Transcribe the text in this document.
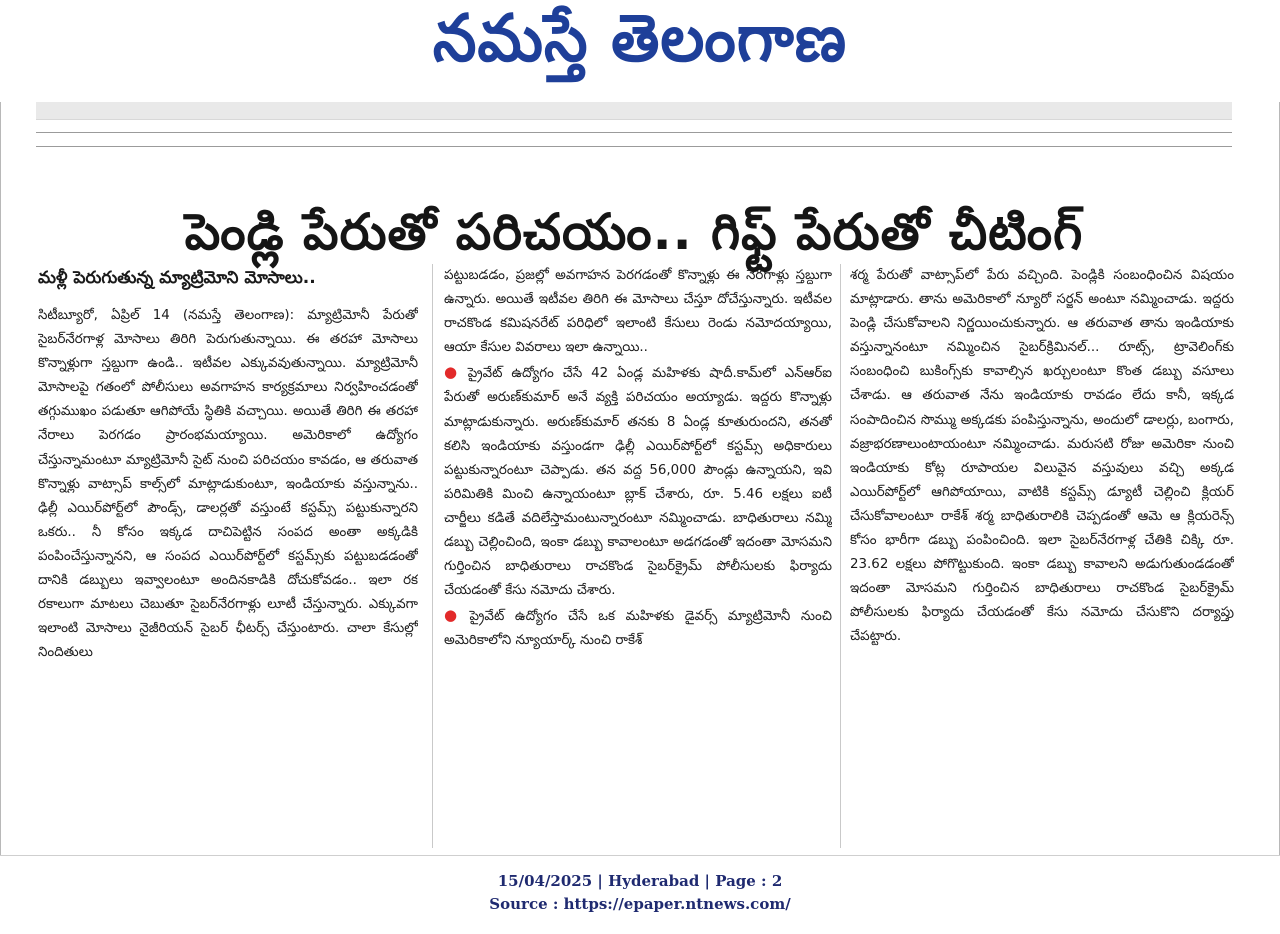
నమస్తే తెలంగాణ
పెండ్లి పేరుతో పరిచయం.. గిఫ్ట్ పేరుతో చీటింగ్

మళ్లీ పెరుగుతున్న మ్యాట్రిమోని మోసాలు..

సిటీబ్యూరో, ఏప్రిల్ 14 (నమస్తే తెలంగాణ): మ్యాట్రిమోనీ పేరుతో సైబర్‌నేరగాళ్ల మోసాలు తిరిగి పెరుగుతున్నాయి. ఈ తరహా మోసాలు కొన్నాళ్లుగా స్తబ్దుగా ఉండి.. ఇటీవల ఎక్కువవుతున్నాయి. మ్యాట్రిమోనీ మోసాలపై గతంలో పోలీసులు అవగాహన కార్యక్రమాలు నిర్వహించడంతో తగ్గుముఖం పడుతూ ఆగిపోయే స్థితికి వచ్చాయి. అయితే తిరిగి ఈ తరహా నేరాలు పెరగడం ప్రారంభమయ్యాయి. అమెరికాలో ఉద్యోగం చేస్తున్నామంటూ మ్యాట్రిమోనీ సైట్ నుంచి పరిచయం కావడం, ఆ తరువాత కొన్నాళ్లు వాట్సాప్ కాల్స్‌లో మాట్లాడుకుంటూ, ఇండియాకు వస్తున్నాను.. ఢిల్లీ ఎయిర్‌పోర్ట్‌లో పౌండ్స్, డాలర్లతో వస్తుంటే కస్టమ్స్ పట్టుకున్నారని ఒకరు.. నీ కోసం ఇక్కడ దాచిపెట్టిన సంపద అంతా అక్కడికి పంపించేస్తున్నానని, ఆ సంపద ఎయిర్‌పోర్ట్‌లో కస్టమ్స్‌కు పట్టుబడడంతో దానికి డబ్బులు ఇవ్వాలంటూ అందినకాడికి దోచుకోవడం.. ఇలా రక రకాలుగా మాటలు చెబుతూ సైబర్‌నేరగాళ్లు లూటీ చేస్తున్నారు. ఎక్కువగా ఇలాంటి మోసాలు నైజీరియన్ సైబర్ ఛీటర్స్ చేస్తుంటారు. చాలా కేసుల్లో నిందితులు

పట్టుబడడం, ప్రజల్లో అవగాహన పెరగడంతో కొన్నాళ్లు ఈ నేరగాళ్లు స్తబ్దుగా ఉన్నారు. అయితే ఇటీవల తిరిగి ఈ మోసాలు చేస్తూ దోచేస్తున్నారు. ఇటీవల రాచకొండ కమిషనరేట్ పరిధిలో ఇలాంటి కేసులు రెండు నమోదయ్యాయి, ఆయా కేసుల వివరాలు ఇలా ఉన్నాయి..

● ప్రైవేట్ ఉద్యోగం చేసే 42 ఏండ్ల మహిళకు షాదీ.కామ్‌లో ఎన్ఆర్ఐ పేరుతో అరుణ్‌కుమార్ అనే వ్యక్తి పరిచయం అయ్యాడు. ఇద్దరు కొన్నాళ్లు మాట్లాడుకున్నారు. అరుణ్‌కుమార్ తనకు 8 ఏండ్ల కూతురుందని, తనతో కలిసి ఇండియాకు వస్తుండగా ఢిల్లీ ఎయిర్‌పోర్ట్‌లో కస్టమ్స్ అధికారులు పట్టుకున్నారంటూ చెప్పాడు. తన వద్ద 56,000 పౌండ్లు ఉన్నాయని, ఇవి పరిమితికి మించి ఉన్నాయంటూ బ్లాక్ చేశారు, రూ. 5.46 లక్షలు ఐటీ చార్జీలు కడితే వదిలేస్తామంటున్నారంటూ నమ్మించాడు. బాధితురాలు నమ్మి డబ్బు చెల్లించింది, ఇంకా డబ్బు కావాలంటూ అడగడంతో ఇదంతా మోసమని గుర్తించిన బాధితురాలు రాచకొండ సైబర్‌క్రైమ్ పోలీసులకు ఫిర్యాదు చేయడంతో కేసు నమోదు చేశారు.

● ప్రైవేట్ ఉద్యోగం చేసే ఒక మహిళకు డైవర్స్ మ్యాట్రిమోనీ నుంచి అమెరికాలోని న్యూయార్క్ నుంచి రాకేశ్

శర్మ పేరుతో వాట్సాప్‌లో పేరు వచ్చింది. పెండ్లికి సంబంధించిన విషయం మాట్లాడారు. తాను అమెరికాలో న్యూరో సర్జన్ అంటూ నమ్మించాడు. ఇద్దరు పెండ్లి చేసుకోవాలని నిర్ణయించుకున్నారు. ఆ తరువాత తాను ఇండియాకు వస్తున్నానంటూ నమ్మించిన సైబర్‌క్రిమినల్... రూట్స్, ట్రావెలింగ్‌కు సంబంధించి బుకింగ్స్‌కు కావాల్సిన ఖర్చులంటూ కొంత డబ్బు వసూలు చేశాడు. ఆ తరువాత నేను ఇండియాకు రావడం లేదు కానీ, ఇక్కడ సంపాదించిన సొమ్ము అక్కడకు పంపిస్తున్నాను, అందులో డాలర్లు, బంగారు, వజ్రాభరణాలుంటాయంటూ నమ్మించాడు. మరుసటి రోజు అమెరికా నుంచి ఇండియాకు కోట్ల రూపాయల విలువైన వస్తువులు వచ్చి అక్కడ ఎయిర్‌పోర్ట్‌లో ఆగిపోయాయి, వాటికి కస్టమ్స్ డ్యూటీ చెల్లించి క్లియర్ చేసుకోవాలంటూ రాకేశ్ శర్మ బాధితురాలికి చెప్పడంతో ఆమె ఆ క్లియరెన్స్ కోసం భారీగా డబ్బు పంపించింది. ఇలా సైబర్‌నేరగాళ్ల చేతికి చిక్కి రూ. 23.62 లక్షలు పోగొట్టుకుంది. ఇంకా డబ్బు కావాలని అడుగుతుండడంతో ఇదంతా మోసమని గుర్తించిన బాధితురాలు రాచకొండ సైబర్‌క్రైమ్ పోలీసులకు ఫిర్యాదు చేయడంతో కేసు నమోదు చేసుకొని దర్యాప్తు చేపట్టారు.

15/04/2025 | Hyderabad | Page : 2
Source : https://epaper.ntnews.com/
